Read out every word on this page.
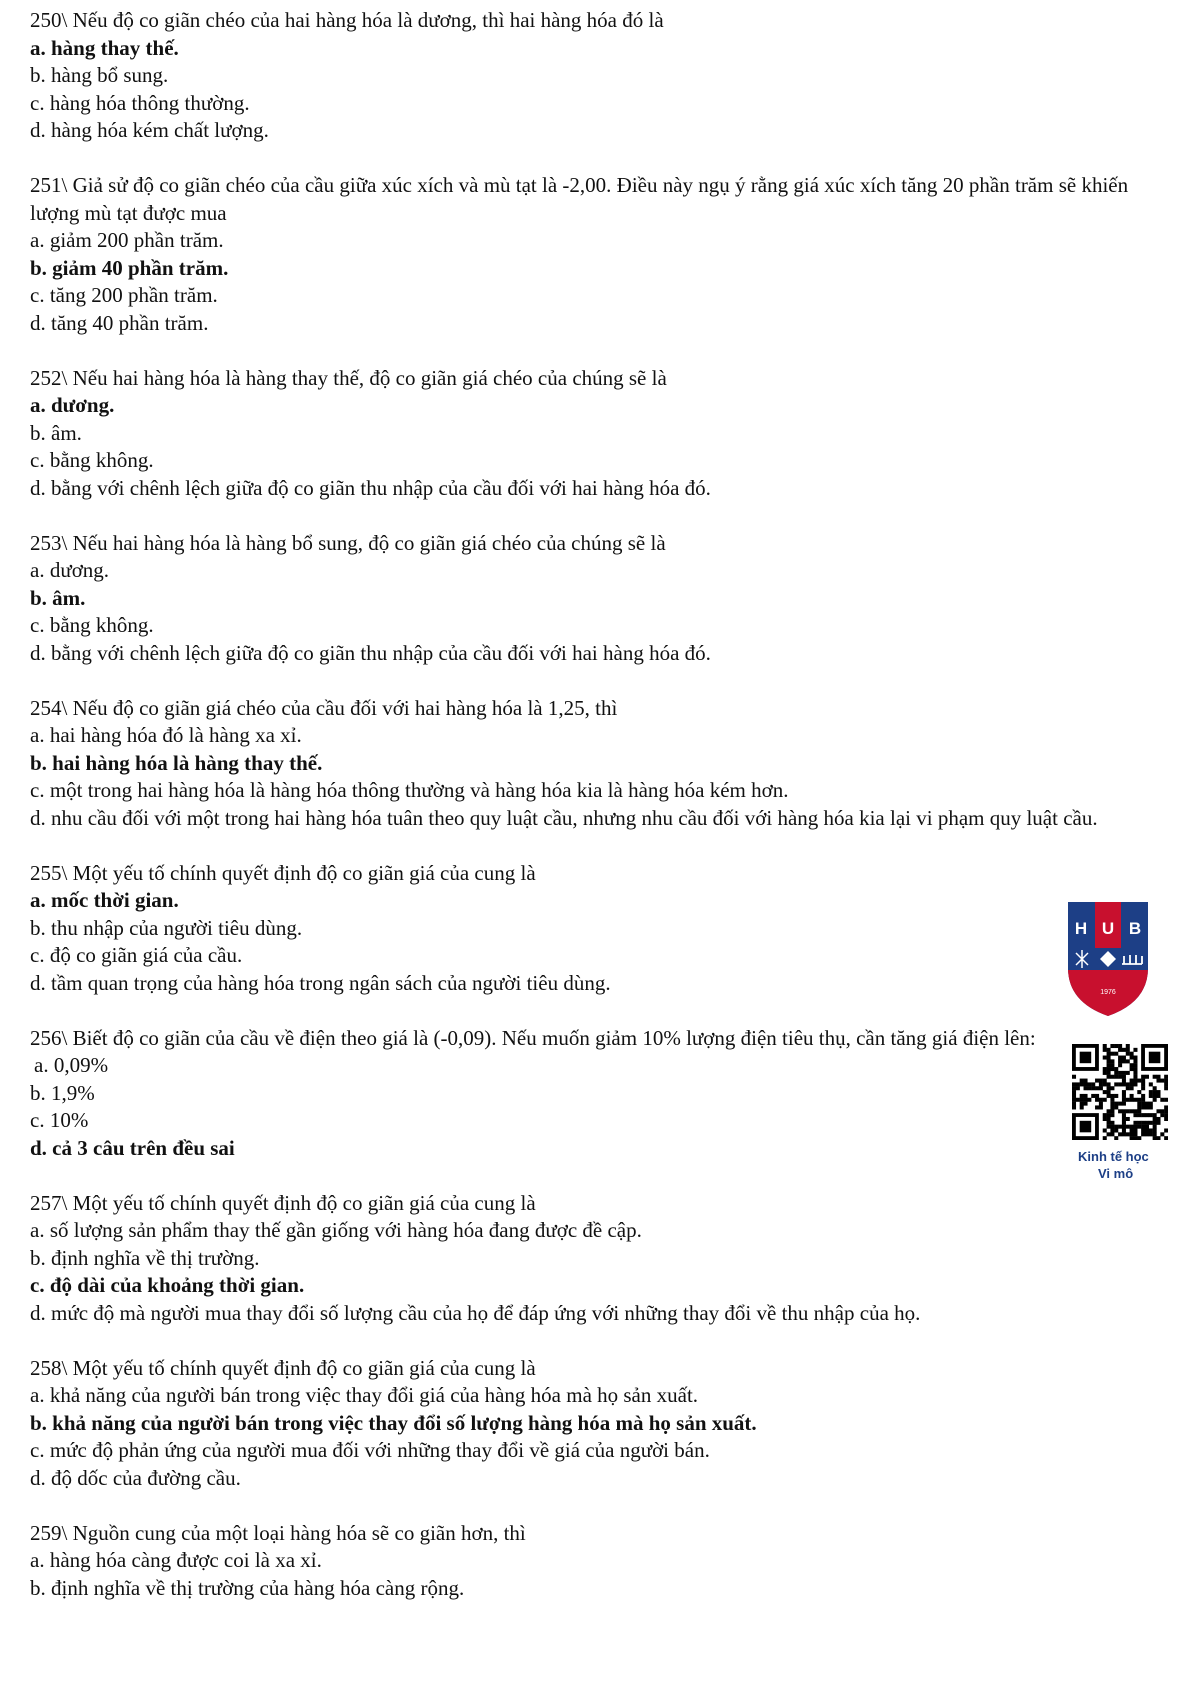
250\ Nếu độ co giãn chéo của hai hàng hóa là dương, thì hai hàng hóa đó là
a. hàng thay thế.
b. hàng bổ sung.
c. hàng hóa thông thường.
d. hàng hóa kém chất lượng.
251\ Giả sử độ co giãn chéo của cầu giữa xúc xích và mù tạt là -2,00. Điều này ngụ ý rằng giá xúc xích tăng 20 phần trăm sẽ khiến lượng mù tạt được mua
a. giảm 200 phần trăm.
b. giảm 40 phần trăm.
c. tăng 200 phần trăm.
d. tăng 40 phần trăm.
252\ Nếu hai hàng hóa là hàng thay thế, độ co giãn giá chéo của chúng sẽ là
a. dương.
b. âm.
c. bằng không.
d. bằng với chênh lệch giữa độ co giãn thu nhập của cầu đối với hai hàng hóa đó.
253\ Nếu hai hàng hóa là hàng bổ sung, độ co giãn giá chéo của chúng sẽ là
a. dương.
b. âm.
c. bằng không.
d. bằng với chênh lệch giữa độ co giãn thu nhập của cầu đối với hai hàng hóa đó.
254\ Nếu độ co giãn giá chéo của cầu đối với hai hàng hóa là 1,25, thì
a. hai hàng hóa đó là hàng xa xỉ.
b. hai hàng hóa là hàng thay thế.
c. một trong hai hàng hóa là hàng hóa thông thường và hàng hóa kia là hàng hóa kém hơn.
d. nhu cầu đối với một trong hai hàng hóa tuân theo quy luật cầu, nhưng nhu cầu đối với hàng hóa kia lại vi phạm quy luật cầu.
255\ Một yếu tố chính quyết định độ co giãn giá của cung là
a. mốc thời gian.
b. thu nhập của người tiêu dùng.
c. độ co giãn giá của cầu.
d. tầm quan trọng của hàng hóa trong ngân sách của người tiêu dùng.
256\ Biết độ co giãn của cầu về điện theo giá là (-0,09). Nếu muốn giảm 10% lượng điện tiêu thụ, cần tăng giá điện lên:
a. 0,09%
b. 1,9%
c. 10%
d. cả 3 câu trên đều sai
257\ Một yếu tố chính quyết định độ co giãn giá của cung là
a. số lượng sản phẩm thay thế gần giống với hàng hóa đang được đề cập.
b. định nghĩa về thị trường.
c. độ dài của khoảng thời gian.
d. mức độ mà người mua thay đổi số lượng cầu của họ để đáp ứng với những thay đổi về thu nhập của họ.
258\ Một yếu tố chính quyết định độ co giãn giá của cung là
a. khả năng của người bán trong việc thay đổi giá của hàng hóa mà họ sản xuất.
b. khả năng của người bán trong việc thay đổi số lượng hàng hóa mà họ sản xuất.
c. mức độ phản ứng của người mua đối với những thay đổi về giá của người bán.
d. độ dốc của đường cầu.
259\ Nguồn cung của một loại hàng hóa sẽ co giãn hơn, thì
a. hàng hóa càng được coi là xa xỉ.
b. định nghĩa về thị trường của hàng hóa càng rộng.
H U B
1976
Kinh tế học
Vi mô
